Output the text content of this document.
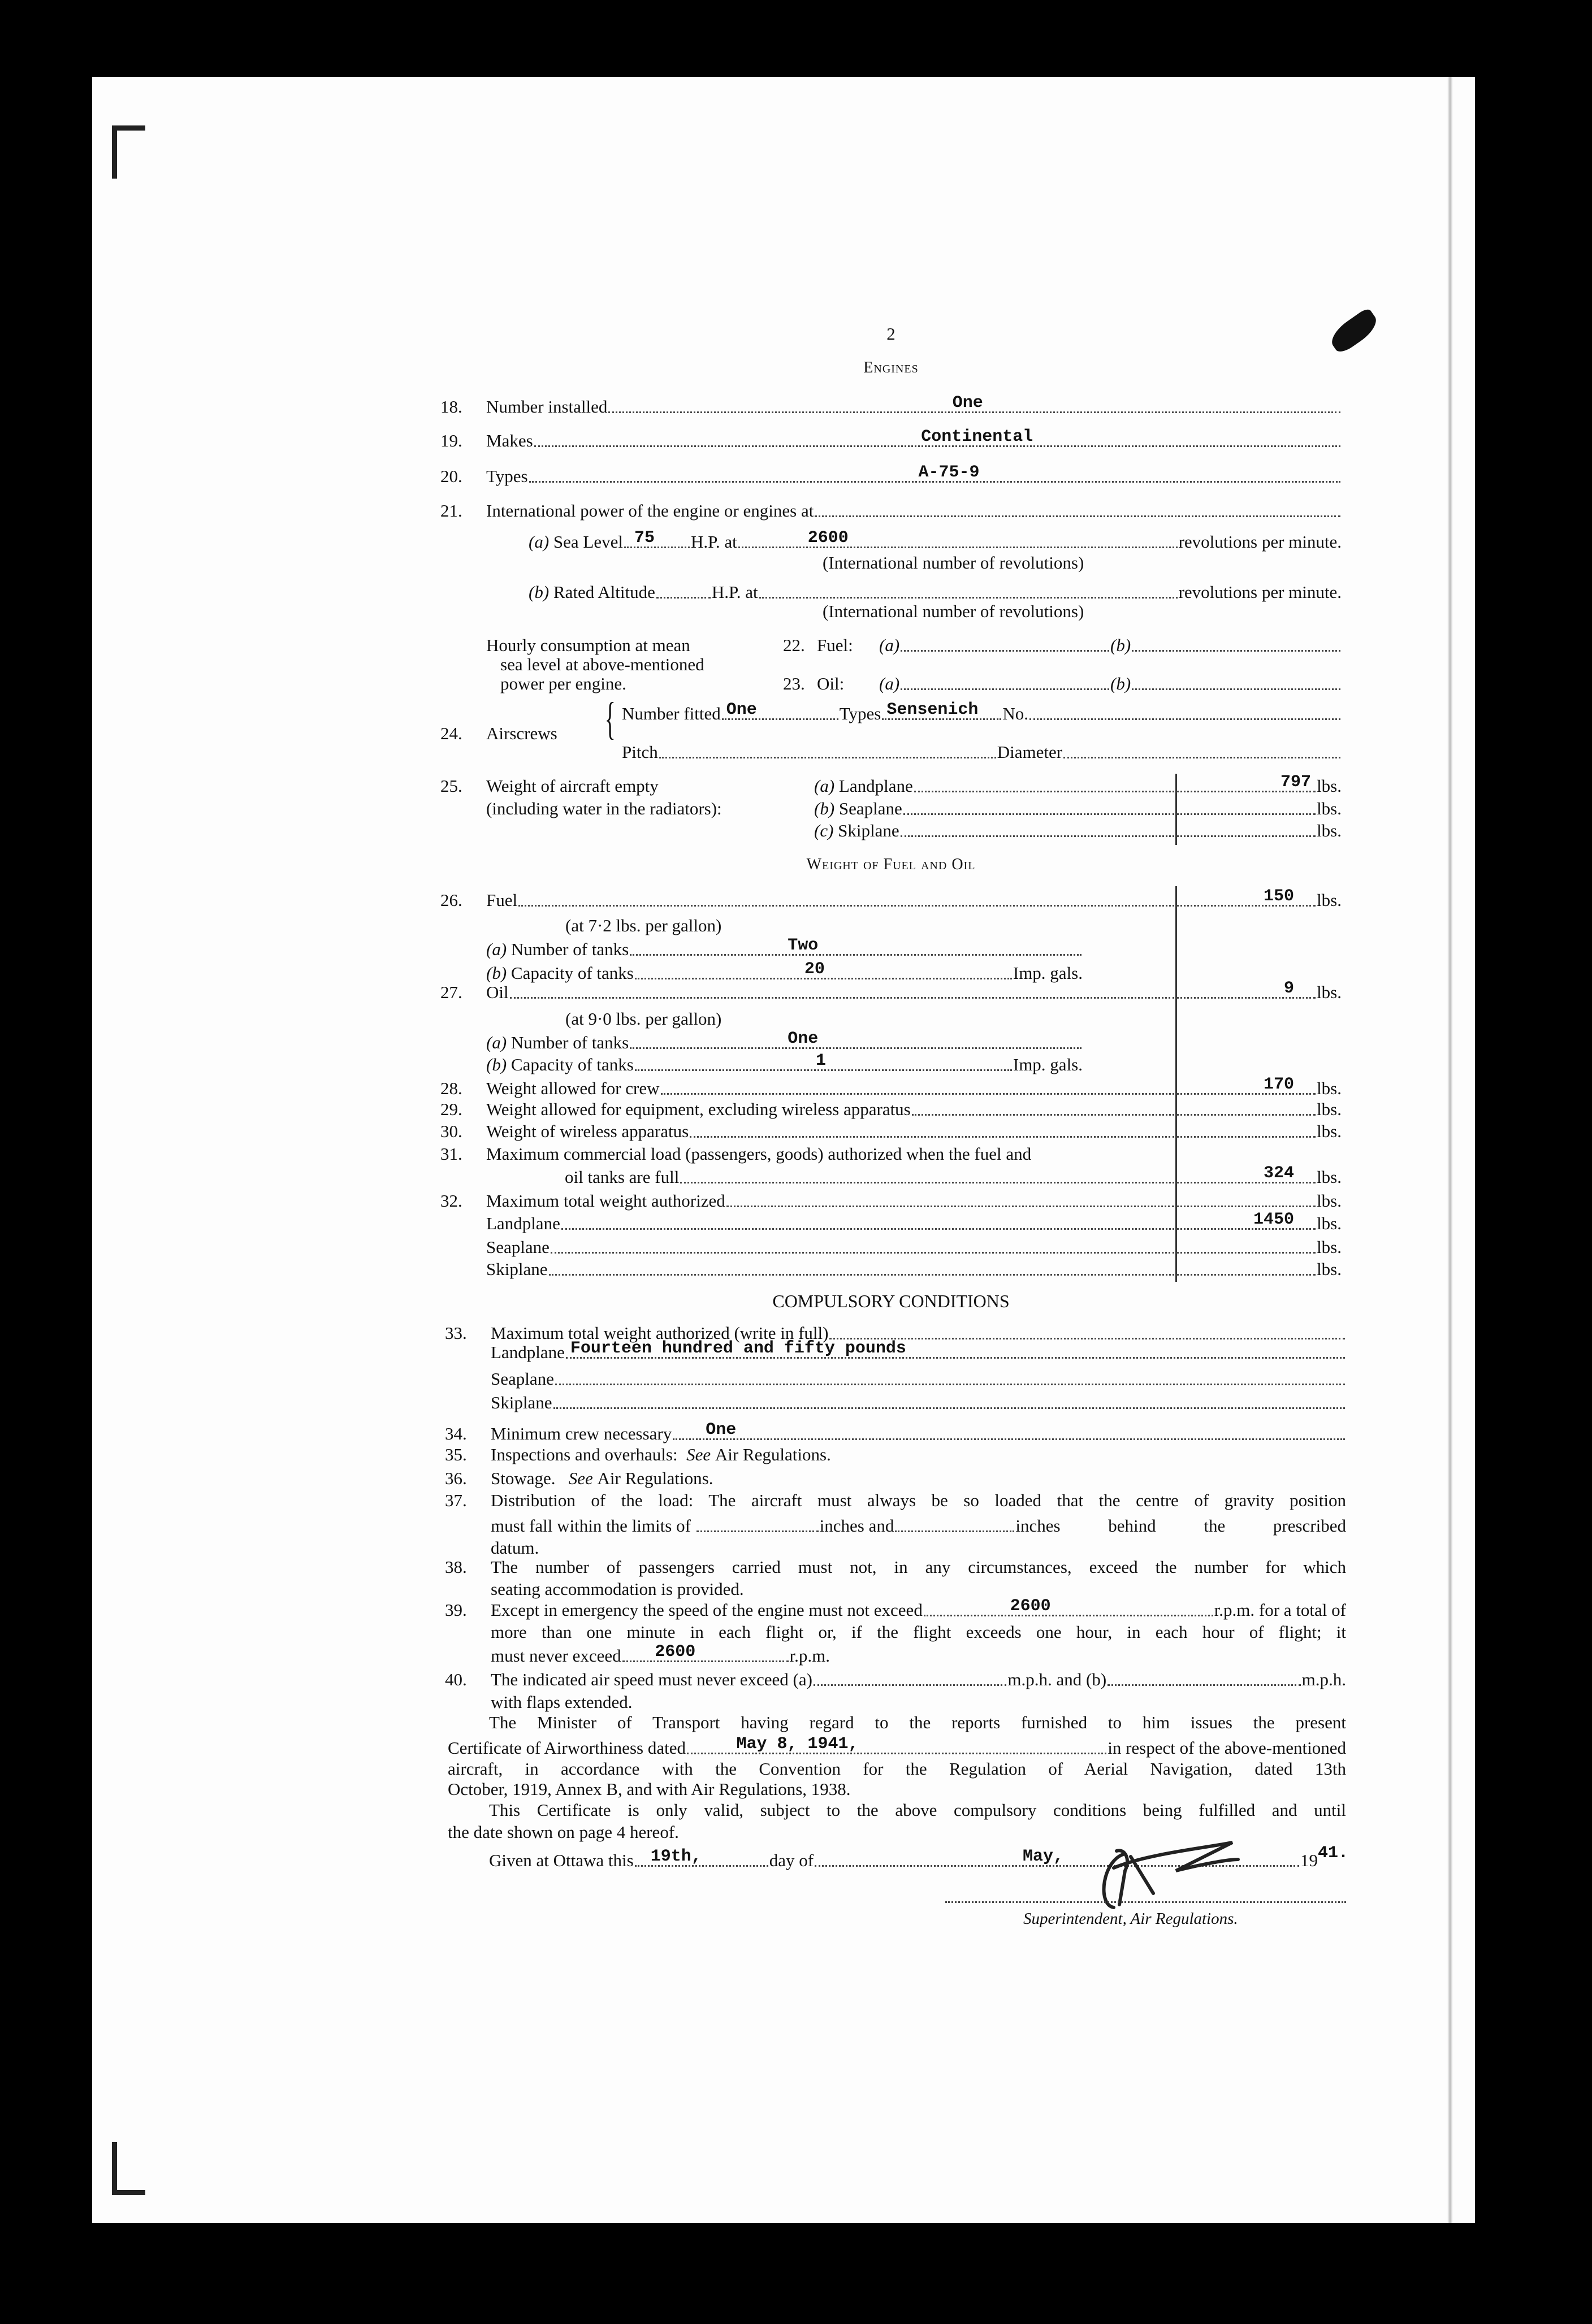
2
Engines
18.	Number installed	One
19.	Makes	Continental
20.	Types	A-75-9
21.	International power of the engine or engines at
(a)
Sea Level 75 H.P. at	2600	revolutions per minute.
(International number of revolutions)
(b)
Rated Altitude	H.P. at	revolutions per minute.
(International number of revolutions)
Hourly consumption at mean
sea level at above-mentioned
power per engine.
22. Fuel:	(a)	(b)
23. Oil:	(a)	(b)
24.	Airscrews { Number fitted One	Types Sensenich No.
Pitch	Diameter
25. Weight of aircraft empty
(including water in the radiators):
(a)
Landplane	797 lbs.
(b)
Seaplane	lbs.
(c)
Skiplane	lbs.
Weight of Fuel and Oil
26.	Fuel	150 lbs.
(at 7·2 lbs. per gallon)
(a)
Number of tanks	Two
(b)
Capacity of tanks	20	Imp. gals.
27.	Oil	9 lbs.
(at 9·0 lbs. per gallon)
(a)
Number of tanks	One
(b)
Capacity of tanks	1	Imp. gals.
28.	Weight allowed for crew	170 lbs.
29.	Weight allowed for equipment, excluding wireless apparatus	lbs.
30.	Weight of wireless apparatus	lbs.
31.	Maximum commercial load (passengers, goods) authorized when the fuel and
oil tanks are full	324 lbs.
32.	Maximum total weight authorized	lbs.
Landplane	1450 lbs.
Seaplane	lbs.
Skiplane	lbs.
COMPULSORY CONDITIONS
33.	Maximum total weight authorized (write in full)
Landplane Fourteen hundred and fifty pounds
Seaplane
Skiplane
34.	Minimum crew necessary One
35.	Inspections and overhauls:
See
Air Regulations.
36.	Stowage.
See
Air Regulations.
37. Distribution of the load: The aircraft must always be so loaded that the centre of gravity position
must fall within the limits of
	inches and	inches behind the prescribed
datum.
38. The number of passengers carried must not, in any circumstances, exceed the number for which
seating accommodation is provided.
39.	Except in emergency the speed of the engine must not exceed	2600	r.p.m. for a total of
more than one minute in each flight or, if the flight exceeds one hour, in each hour of flight; it
must never exceed 2600	r.p.m.
40.	The indicated air speed must never exceed (a)	m.p.h. and (b)	m.p.h.
with flaps extended.
The Minister of Transport having regard to the reports furnished to him issues the present
Certificate of Airworthiness dated	May 8, 1941,	in respect of the above-mentioned
aircraft, in accordance with the Convention for the Regulation of Aerial Navigation, dated 13th
October, 1919, Annex B, and with Air Regulations, 1938.
This Certificate is only valid, subject to the above compulsory conditions being fulfilled and until
the date shown on page 4 hereof.
Given at Ottawa this 19th,	day of	May,	19 41.
Superintendent, Air Regulations.
